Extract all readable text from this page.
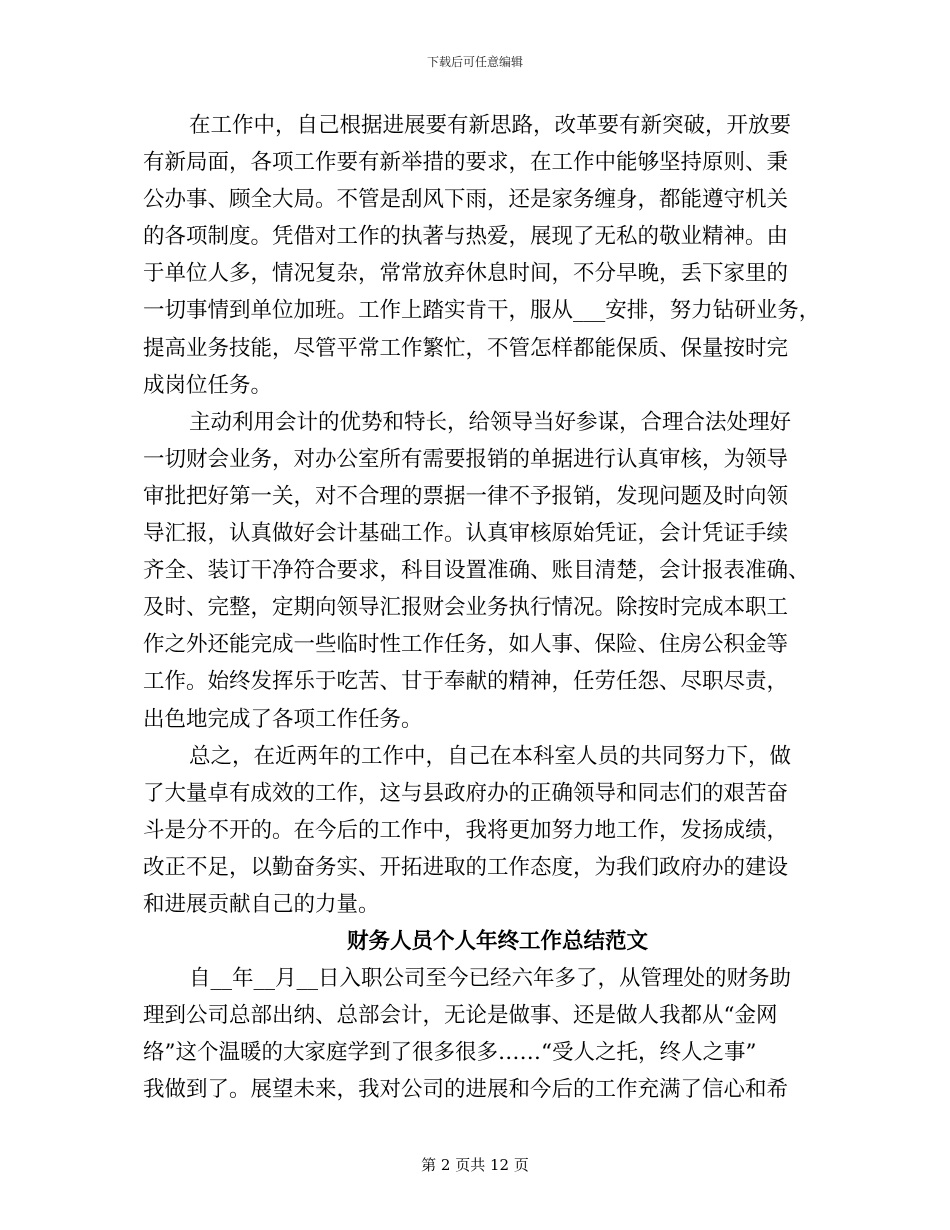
下载后可任意编辑
在工作中，自己根据进展要有新思路，改革要有新突破，开放要
有新局面，各项工作要有新举措的要求，在工作中能够坚持原则、秉
公办事、顾全大局。不管是刮风下雨，还是家务缠身，都能遵守机关
的各项制度。凭借对工作的执著与热爱，展现了无私的敬业精神。由
于单位人多，情况复杂，常常放弃休息时间，不分早晚，丢下家里的
一切事情到单位加班。工作上踏实肯干，服从___安排，努力钻研业务，
提高业务技能，尽管平常工作繁忙，不管怎样都能保质、保量按时完
成岗位任务。
主动利用会计的优势和特长，给领导当好参谋，合理合法处理好
一切财会业务，对办公室所有需要报销的单据进行认真审核，为领导
审批把好第一关，对不合理的票据一律不予报销，发现问题及时向领
导汇报，认真做好会计基础工作。认真审核原始凭证，会计凭证手续
齐全、装订干净符合要求，科目设置准确、账目清楚，会计报表准确、
及时、完整，定期向领导汇报财会业务执行情况。除按时完成本职工
作之外还能完成一些临时性工作任务，如人事、保险、住房公积金等
工作。始终发挥乐于吃苦、甘于奉献的精神，任劳任怨、尽职尽责，
出色地完成了各项工作任务。
总之，在近两年的工作中，自己在本科室人员的共同努力下，做
了大量卓有成效的工作，这与县政府办的正确领导和同志们的艰苦奋
斗是分不开的。在今后的工作中，我将更加努力地工作，发扬成绩，
改正不足，以勤奋务实、开拓进取的工作态度，为我们政府办的建设
和进展贡献自己的力量。
财务人员个人年终工作总结范文
自__年__月__日入职公司至今已经六年多了，从管理处的财务助
理到公司总部出纳、总部会计，无论是做事、还是做人我都从“金网
络”这个温暖的大家庭学到了很多很多……“受人之托，终人之事”
我做到了。展望未来，我对公司的进展和今后的工作充满了信心和希
第 2 页共 12 页
